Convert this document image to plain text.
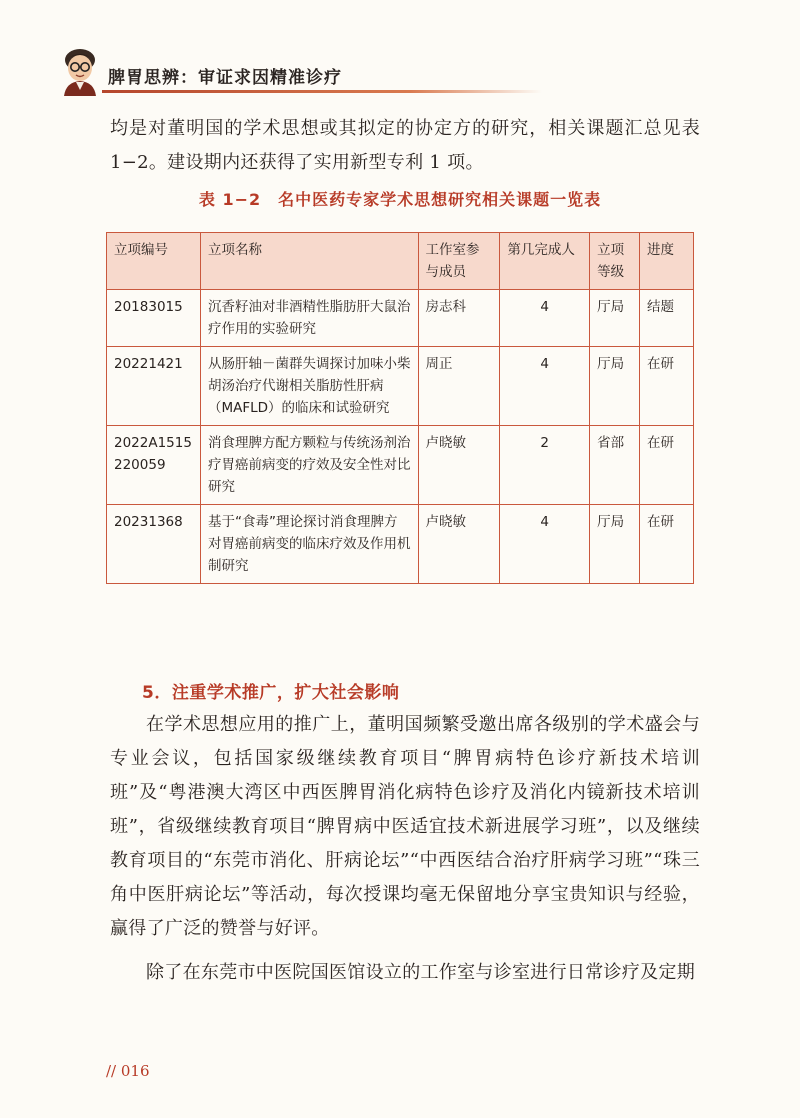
脾胃思辨：审证求因精准诊疗
均是对董明国的学术思想或其拟定的协定方的研究，相关课题汇总见表1−2。建设期内还获得了实用新型专利 1 项。
表 1−2　名中医药专家学术思想研究相关课题一览表
立项编号	立项名称	工作室参与成员	第几完成人	立项等级	进度
20183015	沉香籽油对非酒精性脂肪肝大鼠治疗作用的实验研究	房志科	4	厅局	结题
20221421	从肠肝轴－菌群失调探讨加味小柴胡汤治疗代谢相关脂肪性肝病（MAFLD）的临床和试验研究	周正	4	厅局	在研
2022A1515220059	消食理脾方配方颗粒与传统汤剂治疗胃癌前病变的疗效及安全性对比研究	卢晓敏	2	省部	在研
20231368	基于“食毒”理论探讨消食理脾方对胃癌前病变的临床疗效及作用机制研究	卢晓敏	4	厅局	在研
5．注重学术推广，扩大社会影响
在学术思想应用的推广上，董明国频繁受邀出席各级别的学术盛会与专业会议，包括国家级继续教育项目“脾胃病特色诊疗新技术培训班”及“粤港澳大湾区中西医脾胃消化病特色诊疗及消化内镜新技术培训班”，省级继续教育项目“脾胃病中医适宜技术新进展学习班”，以及继续教育项目的“东莞市消化、肝病论坛”“中西医结合治疗肝病学习班”“珠三角中医肝病论坛”等活动，每次授课均毫无保留地分享宝贵知识与经验，赢得了广泛的赞誉与好评。
除了在东莞市中医院国医馆设立的工作室与诊室进行日常诊疗及定期
// 016
